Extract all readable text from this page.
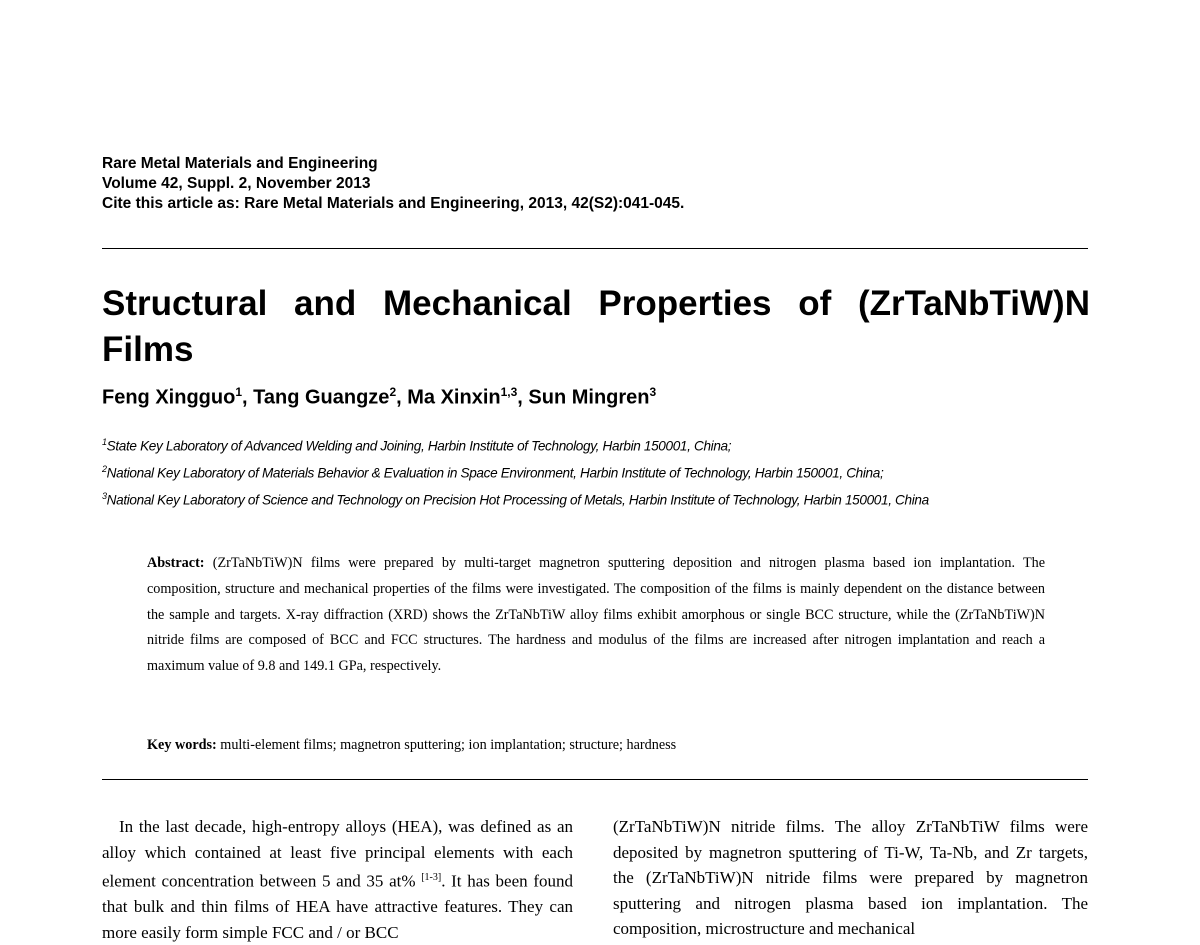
Rare Metal Materials and Engineering
Volume 42, Suppl. 2, November 2013
Cite this article as: Rare Metal Materials and Engineering, 2013, 42(S2):041-045.
Structural and Mechanical Properties of (ZrTaNbTiW)N Films
Feng Xingguo$^1$, Tang Guangze$^2$, Ma Xinxin$^{1,3}$, Sun Mingren$^3$
$^1$State Key Laboratory of Advanced Welding and Joining, Harbin Institute of Technology, Harbin 150001, China;
$^2$National Key Laboratory of Materials Behavior & Evaluation in Space Environment, Harbin Institute of Technology, Harbin 150001, China;
$^3$National Key Laboratory of Science and Technology on Precision Hot Processing of Metals, Harbin Institute of Technology, Harbin 150001, China
Abstract: (ZrTaNbTiW)N films were prepared by multi-target magnetron sputtering deposition and nitrogen plasma based ion implantation. The composition, structure and mechanical properties of the films were investigated. The composition of the films is mainly dependent on the distance between the sample and targets. X-ray diffraction (XRD) shows the ZrTaNbTiW alloy films exhibit amorphous or single BCC structure, while the (ZrTaNbTiW)N nitride films are composed of BCC and FCC structures. The hardness and modulus of the films are increased after nitrogen implantation and reach a maximum value of 9.8 and 149.1 GPa, respectively.
Key words: multi-element films; magnetron sputtering; ion implantation; structure; hardness
In the last decade, high-entropy alloys (HEA), was defined as an alloy which contained at least five principal elements with each element concentration between 5 and 35 at% [1-3]. It has been found that bulk and thin films of HEA have attractive features. They can more easily form simple FCC and / or BCC
(ZrTaNbTiW)N nitride films. The alloy ZrTaNbTiW films were deposited by magnetron sputtering of Ti-W, Ta-Nb, and Zr targets, the (ZrTaNbTiW)N nitride films were prepared by magnetron sputtering and nitrogen plasma based ion implantation. The composition, microstructure and mechanical
